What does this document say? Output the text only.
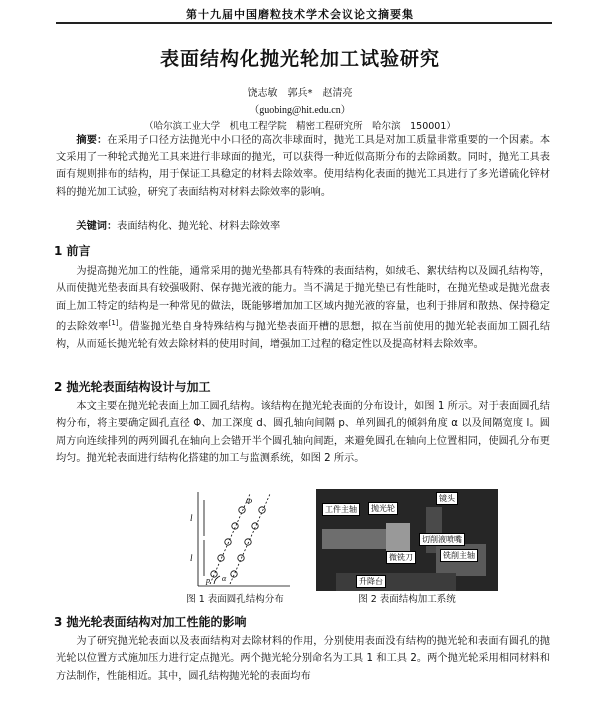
第十九届中国磨粒技术学术会议论文摘要集
表面结构化抛光轮加工试验研究
饶志敏　郭兵*　赵清亮
（guobing@hit.edu.cn）
（哈尔滨工业大学　机电工程学院　精密工程研究所　哈尔滨　150001）
摘要：在采用子口径方法抛光中小口径的高次非球面时，抛光工具是对加工质量非常重要的一个因素。本文采用了一种轮式抛光工具来进行非球面的抛光，可以获得一种近似高斯分布的去除函数。同时，抛光工具表面有规则排布的结构，用于保证工具稳定的材料去除效率。使用结构化表面的抛光工具进行了多光谱硫化锌材料的抛光加工试验，研究了表面结构对材料去除效率的影响。
关键词：表面结构化、抛光轮、材料去除效率
1 前言
为提高抛光加工的性能，通常采用的抛光垫都具有特殊的表面结构，如绒毛、絮状结构以及圆孔结构等，从而使抛光垫表面具有较强吸附、保存抛光液的能力。当不满足于抛光垫已有性能时，在抛光垫或是抛光盘表面上加工特定的结构是一种常见的做法，既能够增加加工区域内抛光液的容量，也利于排屑和散热、保持稳定的去除效率[1]。借鉴抛光垫自身特殊结构与抛光垫表面开槽的思想，拟在当前使用的抛光轮表面加工圆孔结构，从而延长抛光轮有效去除材料的使用时间，增强加工过程的稳定性以及提高材料去除效率。
2 抛光轮表面结构设计与加工
本文主要在抛光轮表面上加工圆孔结构。该结构在抛光轮表面的分布设计，如图 1 所示。对于表面圆孔结构分布，将主要确定圆孔直径 Φ、加工深度 d、圆孔轴向间隔 p、单列圆孔的倾斜角度 α 以及间隔宽度 l。圆周方向连续排列的两列圆孔在轴向上会错开半个圆孔轴向间距，来避免圆孔在轴向上位置相同，使圆孔分布更均匀。抛光轮表面进行结构化搭建的加工与监测系统，如图 2 所示。
l
l
p α
Φ
图 1 表面圆孔结构分布
工件主轴	抛光轮
镜头
切削液喷嘴
微铣刀	铣削主轴
升降台
图 2 表面结构加工系统
3 抛光轮表面结构对加工性能的影响
为了研究抛光轮表面以及表面结构对去除材料的作用，分别使用表面没有结构的抛光轮和表面有圆孔的抛光轮以位置方式施加压力进行定点抛光。两个抛光轮分别命名为工具 1 和工具 2。两个抛光轮采用相同材料和方法制作，性能相近。其中，圆孔结构抛光轮的表面均布
